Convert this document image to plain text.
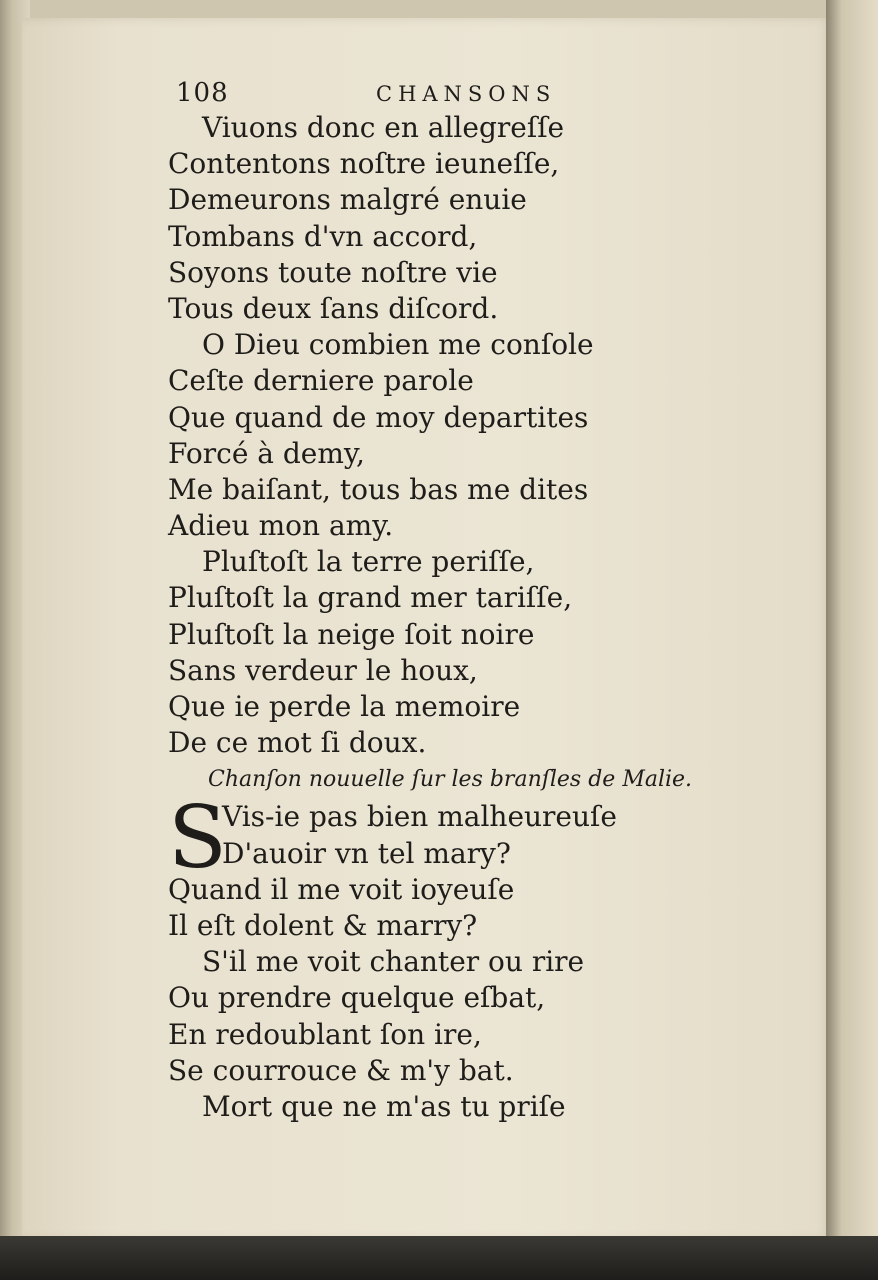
108	CHANSONS
Viuons donc en allegreſſe
Contentons noſtre ieuneſſe,
Demeurons malgré enuie
Tombans d'vn accord,
Soyons toute noſtre vie
Tous deux ſans diſcord.
O Dieu combien me conſole
Ceſte derniere parole
Que quand de moy departites
Forcé à demy,
Me baiſant, tous bas me dites
Adieu mon amy.
Pluſtoſt la terre periſſe,
Pluſtoſt la grand mer tariſſe,
Pluſtoſt la neige ſoit noire
Sans verdeur le houx,
Que ie perde la memoire
De ce mot ſi doux.
Chanſon nouuelle ſur les branſles de Malie.
S
Vis-ie pas bien malheureuſe
D'auoir vn tel mary?
Quand il me voit ioyeuſe
Il eſt dolent & marry?
S'il me voit chanter ou rire
Ou prendre quelque eſbat,
En redoublant ſon ire,
Se courrouce & m'y bat.
Mort que ne m'as tu priſe
